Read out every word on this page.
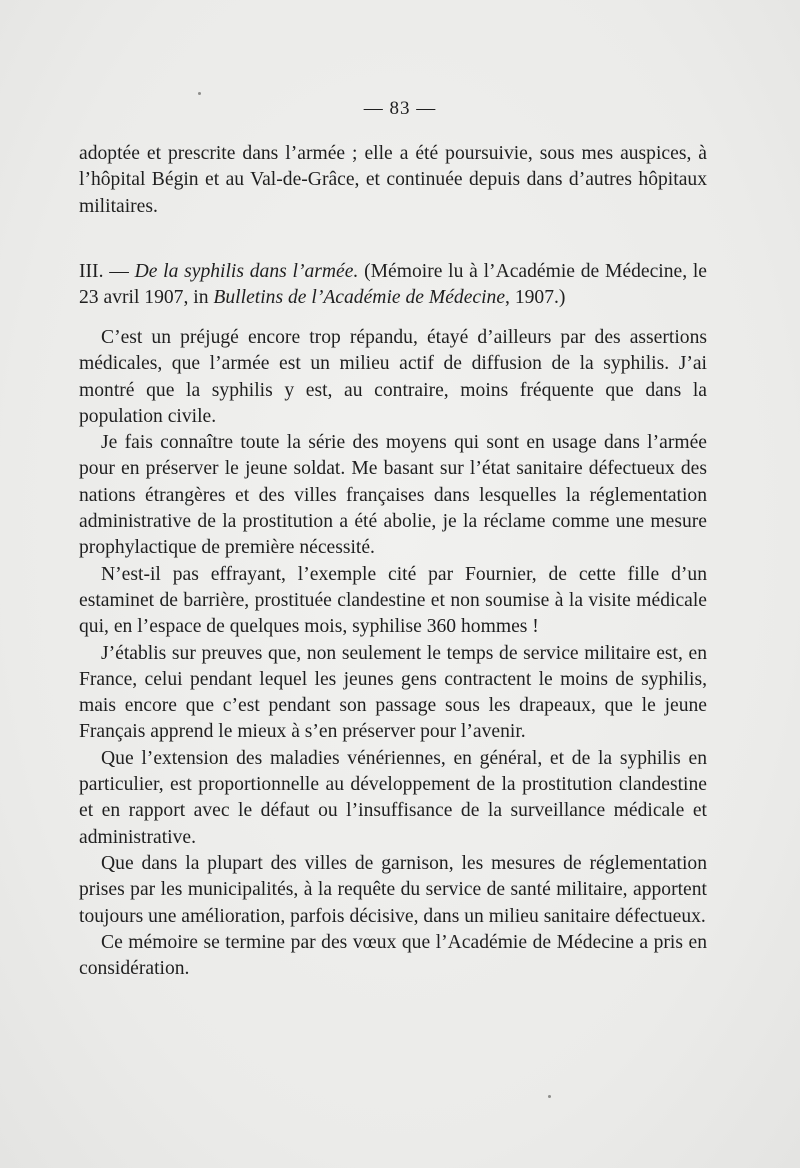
— 83 —

adoptée et prescrite dans l’armée ; elle a été poursuivie, sous mes auspices, à l’hôpital Bégin et au Val-de-Grâce, et continuée depuis dans d’autres hôpitaux militaires.

III. — De la syphilis dans l’armée. (Mémoire lu à l’Académie de Médecine, le 23 avril 1907, in Bulletins de l’Académie de Médecine, 1907.)

C’est un préjugé encore trop répandu, étayé d’ailleurs par des assertions médicales, que l’armée est un milieu actif de diffusion de la syphilis. J’ai montré que la syphilis y est, au contraire, moins fréquente que dans la population civile.

Je fais connaître toute la série des moyens qui sont en usage dans l’armée pour en préserver le jeune soldat. Me basant sur l’état sanitaire défectueux des nations étrangères et des villes françaises dans lesquelles la réglementation administrative de la prostitution a été abolie, je la réclame comme une mesure prophylactique de première nécessité.

N’est-il pas effrayant, l’exemple cité par Fournier, de cette fille d’un estaminet de barrière, prostituée clandestine et non soumise à la visite médicale qui, en l’espace de quelques mois, syphilise 360 hommes !

J’établis sur preuves que, non seulement le temps de service militaire est, en France, celui pendant lequel les jeunes gens contractent le moins de syphilis, mais encore que c’est pendant son passage sous les drapeaux, que le jeune Français apprend le mieux à s’en préserver pour l’avenir.

Que l’extension des maladies vénériennes, en général, et de la syphilis en particulier, est proportionnelle au développement de la prostitution clandestine et en rapport avec le défaut ou l’insuffisance de la surveillance médicale et administrative.

Que dans la plupart des villes de garnison, les mesures de réglementation prises par les municipalités, à la requête du service de santé militaire, apportent toujours une amélioration, parfois décisive, dans un milieu sanitaire défectueux.

Ce mémoire se termine par des vœux que l’Académie de Médecine a pris en considération.
